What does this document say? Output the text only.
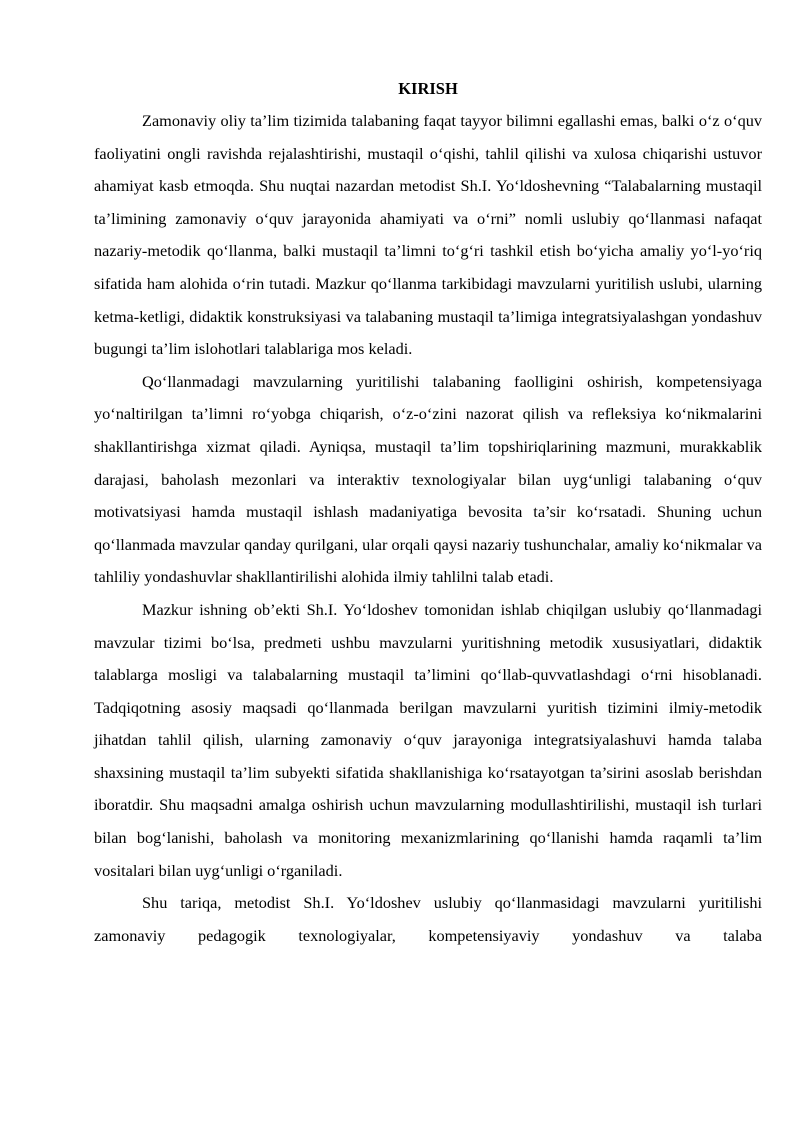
KIRISH

Zamonaviy oliy ta’lim tizimida talabaning faqat tayyor bilimni egallashi emas, balki o‘z o‘quv faoliyatini ongli ravishda rejalashtirishi, mustaqil o‘qishi, tahlil qilishi va xulosa chiqarishi ustuvor ahamiyat kasb etmoqda. Shu nuqtai nazardan metodist Sh.I. Yo‘ldoshevning “Talabalarning mustaqil ta’limining zamonaviy o‘quv jarayonida ahamiyati va o‘rni” nomli uslubiy qo‘llanmasi nafaqat nazariy-metodik qo‘llanma, balki mustaqil ta’limni to‘g‘ri tashkil etish bo‘yicha amaliy yo‘l-yo‘riq sifatida ham alohida o‘rin tutadi. Mazkur qo‘llanma tarkibidagi mavzularni yuritilish uslubi, ularning ketma-ketligi, didaktik konstruksiyasi va talabaning mustaqil ta’limiga integratsiyalashgan yondashuv bugungi ta’lim islohotlari talablariga mos keladi.

Qo‘llanmadagi mavzularning yuritilishi talabaning faolligini oshirish, kompetensiyaga yo‘naltirilgan ta’limni ro‘yobga chiqarish, o‘z-o‘zini nazorat qilish va refleksiya ko‘nikmalarini shakllantirishga xizmat qiladi. Ayniqsa, mustaqil ta’lim topshiriqlarining mazmuni, murakkablik darajasi, baholash mezonlari va interaktiv texnologiyalar bilan uyg‘unligi talabaning o‘quv motivatsiyasi hamda mustaqil ishlash madaniyatiga bevosita ta’sir ko‘rsatadi. Shuning uchun qo‘llanmada mavzular qanday qurilgani, ular orqali qaysi nazariy tushunchalar, amaliy ko‘nikmalar va tahliliy yondashuvlar shakllantirilishi alohida ilmiy tahlilni talab etadi.

Mazkur ishning ob’ekti Sh.I. Yo‘ldoshev tomonidan ishlab chiqilgan uslubiy qo‘llanmadagi mavzular tizimi bo‘lsa, predmeti ushbu mavzularni yuritishning metodik xususiyatlari, didaktik talablarga mosligi va talabalarning mustaqil ta’limini qo‘llab-quvvatlashdagi o‘rni hisoblanadi. Tadqiqotning asosiy maqsadi qo‘llanmada berilgan mavzularni yuritish tizimini ilmiy-metodik jihatdan tahlil qilish, ularning zamonaviy o‘quv jarayoniga integratsiyalashuvi hamda talaba shaxsining mustaqil ta’lim subyekti sifatida shakllanishiga ko‘rsatayotgan ta’sirini asoslab berishdan iboratdir. Shu maqsadni amalga oshirish uchun mavzularning modullashtirilishi, mustaqil ish turlari bilan bog‘lanishi, baholash va monitoring mexanizmlarining qo‘llanishi hamda raqamli ta’lim vositalari bilan uyg‘unligi o‘rganiladi.

Shu tariqa, metodist Sh.I. Yo‘ldoshev uslubiy qo‘llanmasidagi mavzularni yuritilishi zamonaviy pedagogik texnologiyalar, kompetensiyaviy yondashuv va talaba
